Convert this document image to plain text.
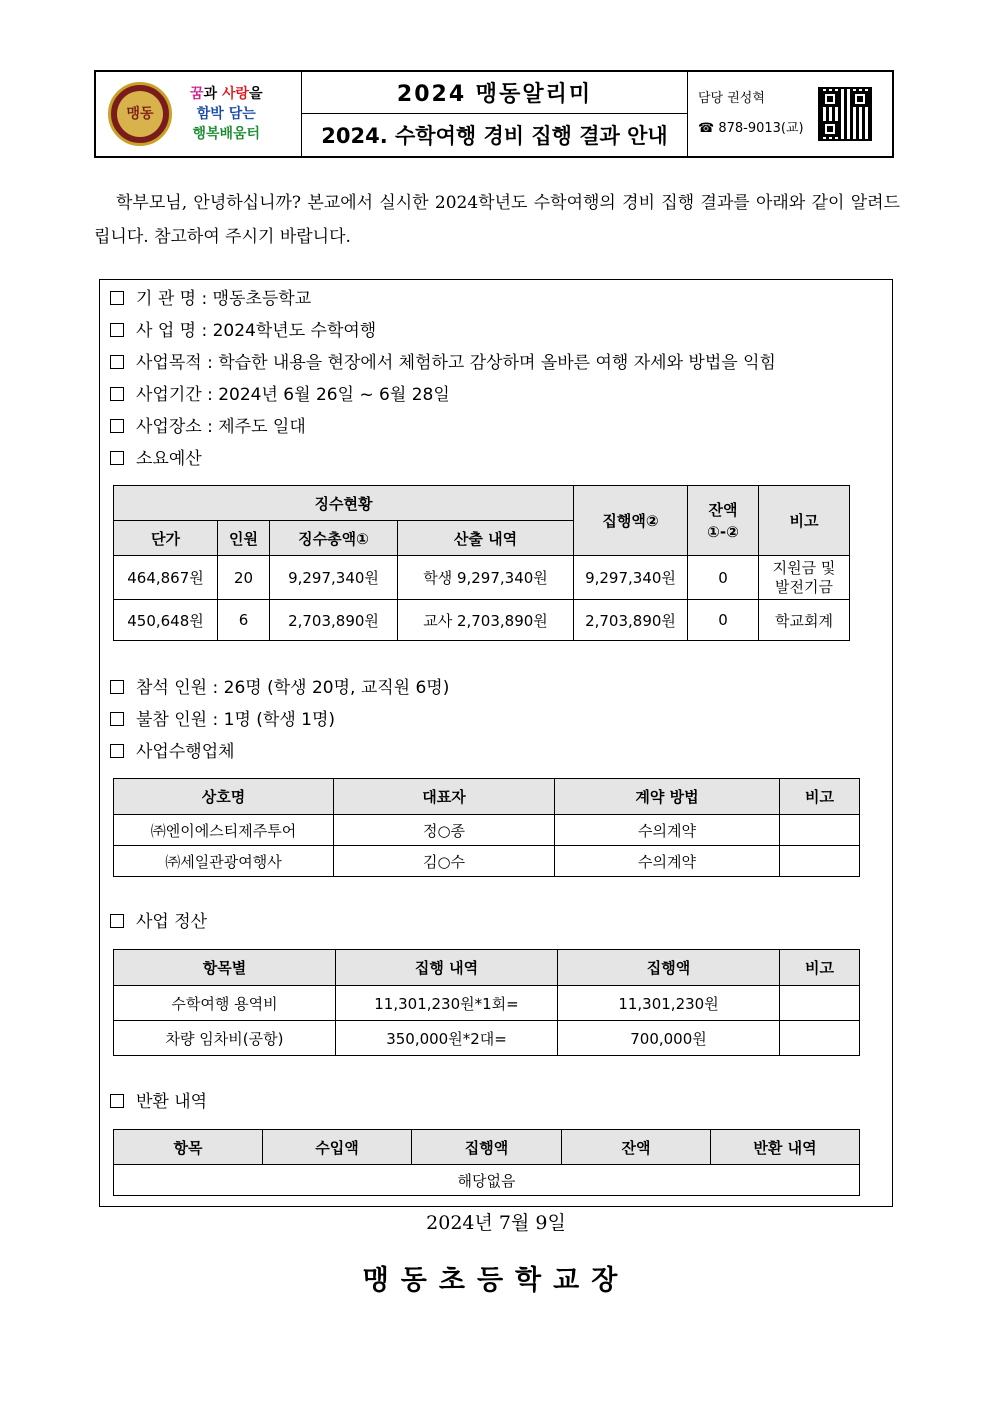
맹동
꿈과 사랑을
함박 담는
행복배움터
2024 맹동알리미
2024. 수학여행 경비 집행 결과 안내
담당 권성혁
☎ 878-9013(교)

학부모님, 안녕하십니까? 본교에서 실시한 2024학년도 수학여행의 경비 집행 결과를 아래와 같이 알려드립니다. 참고하여 주시기 바랍니다.

기 관 명 : 맹동초등학교
사 업 명 : 2024학년도 수학여행
사업목적 : 학습한 내용을 현장에서 체험하고 감상하며 올바른 여행 자세와 방법을 익힘
사업기간 : 2024년 6월 26일 ~ 6월 28일
사업장소 : 제주도 일대
소요예산
징수현황				집행액②	잔액
①-②	비고
단가	인원	징수총액①	산출 내역			
464,867원	20	9,297,340원	학생 9,297,340원	9,297,340원	0	지원금 및
발전기금
450,648원	6	2,703,890원	교사 2,703,890원	2,703,890원	0	학교회계
참석 인원 : 26명 (학생 20명, 교직원 6명)
불참 인원 : 1명 (학생 1명)
사업수행업체
상호명	대표자	계약 방법	비고
㈜엔이에스티제주투어	정○종	수의계약	
㈜세일관광여행사	김○수	수의계약	
사업 정산
항목별	집행 내역	집행액	비고
수학여행 용역비	11,301,230원*1회=	11,301,230원	
차량 임차비(공항)	350,000원*2대=	700,000원	
반환 내역
항목	수입액	집행액	잔액	반환 내역
해당없음
2024년 7월 9일
맹동초등학교장
